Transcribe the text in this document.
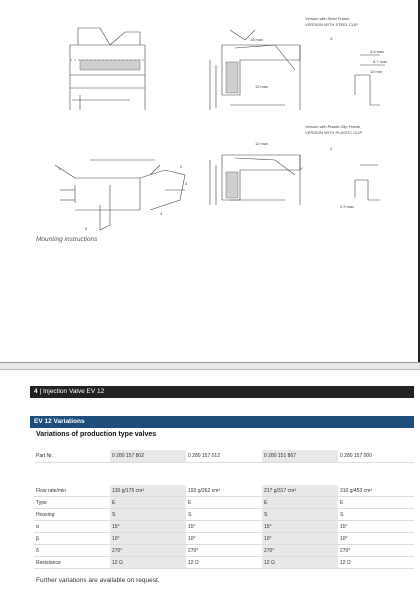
Version with Steel Frame
VERSION WITH STEEL CLIP
Version with Plastic Clip Frame
VERSION WITH PLASTIC CLIP
18 max
13 max
3.6 max
6.7 max
10 min
12 max
2.9 max
X
Y
Z
1	2
3
4
5
Mounting instructions
4 | Injection Valve EV 12
EV 12 Variations
Variations of production type valves
Part Nr.	0 280 157 802	0 280 157 012	0 280 151 867	0 280 157 000
Flow rate/min	130 g/175 cm³	193 g/262 cm³	217 g/317 cm³	310 g/453 cm³
Type	E	E	E	E
Housing	S	S	S	S
α	15°	15°	15°	15°
β	10°	10°	10°	10°
δ	270°	270°	270°	270°
Resistance	12 Ω	12 Ω	12 Ω	12 Ω
Further variations are available on request.
